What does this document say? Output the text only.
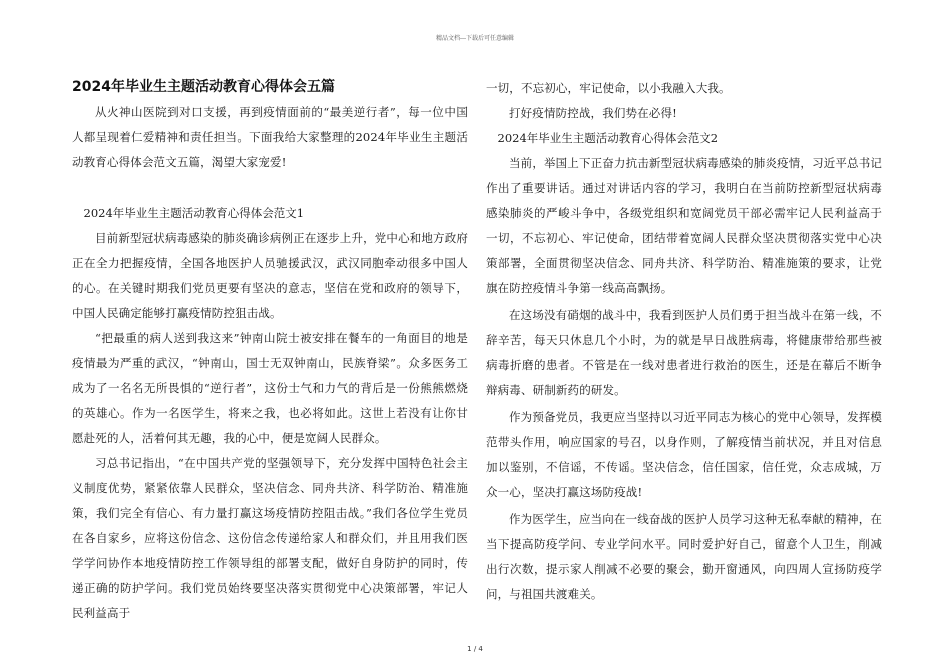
精品文档---下载后可任意编辑
2024年毕业生主题活动教育心得体会五篇

从火神山医院到对口支援，再到疫情面前的“最美逆行者”，每一位中国人都呈现着仁爱精神和责任担当。下面我给大家整理的2024年毕业生主题活动教育心得体会范文五篇，渴望大家宠爱!

2024年毕业生主题活动教育心得体会范文1

目前新型冠状病毒感染的肺炎确诊病例正在逐步上升，党中心和地方政府正在全力把握疫情，全国各地医护人员驰援武汉，武汉同胞牵动很多中国人的心。在关键时期我们党员更要有坚决的意志，坚信在党和政府的领导下，中国人民确定能够打赢疫情防控狙击战。

“把最重的病人送到我这来”钟南山院士被安排在餐车的一角面目的地是疫情最为严重的武汉，“钟南山，国士无双钟南山，民族脊梁”。众多医务工成为了一名名无所畏惧的“逆行者”，这份士气和力气的背后是一份熊熊燃烧的英雄心。作为一名医学生，将来之我，也必将如此。这世上若没有让你甘愿赴死的人，活着何其无趣，我的心中，便是宽阔人民群众。

习总书记指出，“在中国共产党的坚强领导下，充分发挥中国特色社会主义制度优势，紧紧依靠人民群众，坚决信念、同舟共济、科学防治、精准施策，我们完全有信心、有力量打赢这场疫情防控阻击战。”我们各位学生党员在各自家乡，应将这份信念、这份信念传递给家人和群众们，并且用我们医学学问协作本地疫情防控工作领导组的部署支配，做好自身防护的同时，传递正确的防护学问。我们党员始终要坚决落实贯彻党中心决策部署，牢记人民利益高于

一切，不忘初心，牢记使命，以小我融入大我。

打好疫情防控战，我们势在必得!

2024年毕业生主题活动教育心得体会范文2

当前，举国上下正奋力抗击新型冠状病毒感染的肺炎疫情，习近平总书记作出了重要讲话。通过对讲话内容的学习，我明白在当前防控新型冠状病毒感染肺炎的严峻斗争中，各级党组织和宽阔党员干部必需牢记人民利益高于一切，不忘初心、牢记使命，团结带着宽阔人民群众坚决贯彻落实党中心决策部署，全面贯彻坚决信念、同舟共济、科学防治、精准施策的要求，让党旗在防控疫情斗争第一线高高飘扬。

在这场没有硝烟的战斗中，我看到医护人员们勇于担当战斗在第一线，不辞辛苦，每天只休息几个小时，为的就是早日战胜病毒，将健康带给那些被病毒折磨的患者。不管是在一线对患者进行救治的医生，还是在幕后不断争辩病毒、研制新药的研发。

作为预备党员，我更应当坚持以习近平同志为核心的党中心领导，发挥模范带头作用，响应国家的号召，以身作则，了解疫情当前状况，并且对信息加以鉴别，不信谣，不传谣。坚决信念，信任国家，信任党，众志成城，万众一心，坚决打赢这场防疫战!

作为医学生，应当向在一线奋战的医护人员学习这种无私奉献的精神，在当下提高防疫学问、专业学问水平。同时爱护好自己，留意个人卫生，削减出行次数，提示家人削减不必要的聚会，勤开窗通风，向四周人宣扬防疫学问，与祖国共渡难关。

1 / 4
